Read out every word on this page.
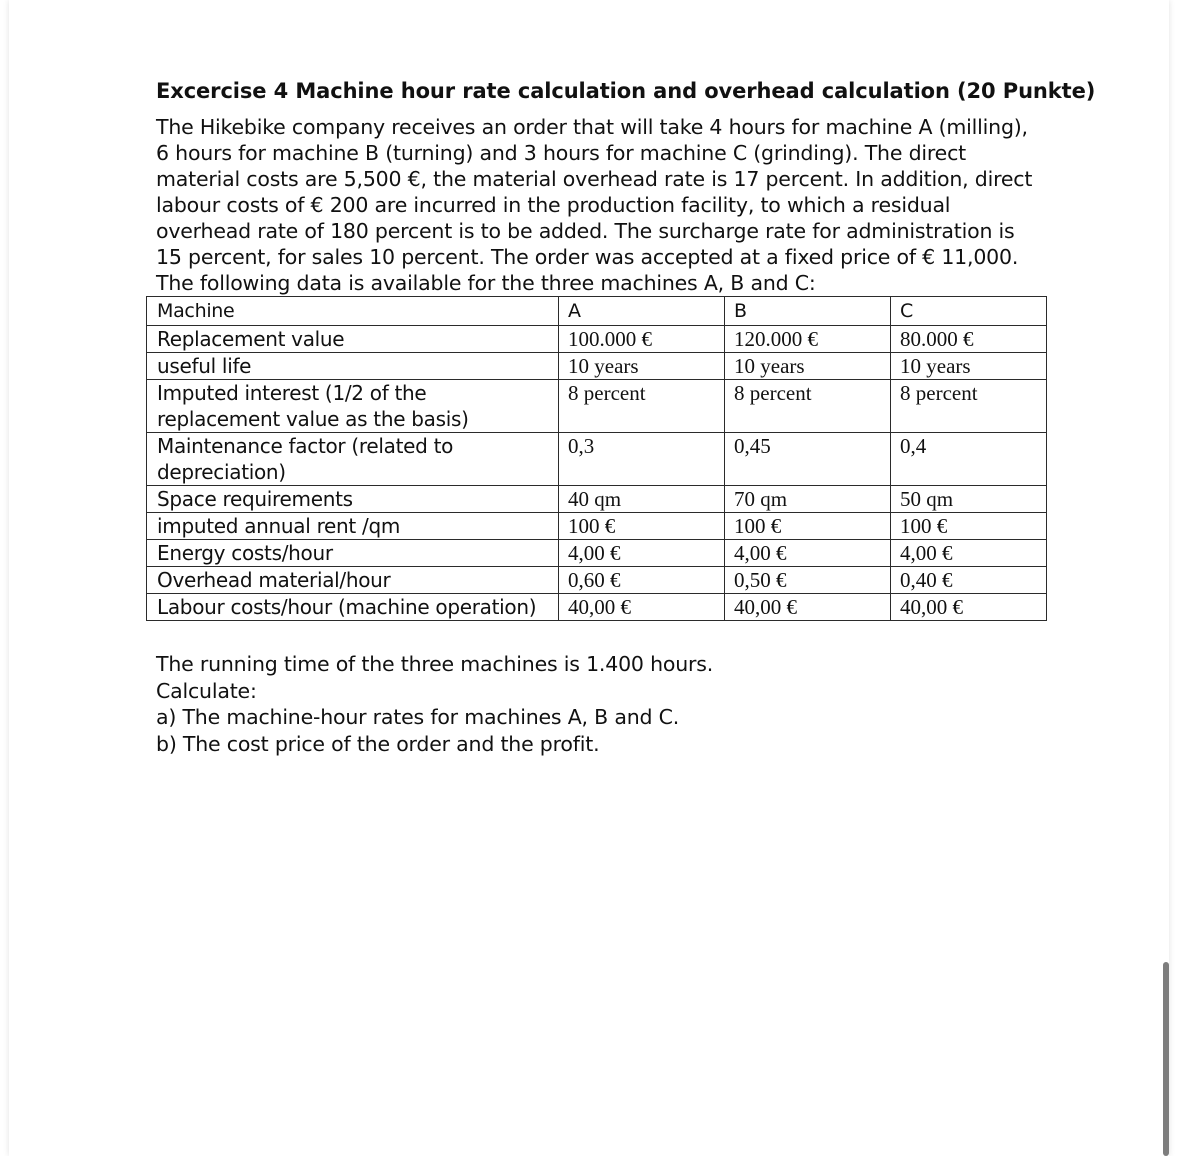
Excercise 4 Machine hour rate calculation and overhead calculation (20 Punkte)
The Hikebike company receives an order that will take 4 hours for machine A (milling), 6 hours for machine B (turning) and 3 hours for machine C (grinding). The direct material costs are 5,500 €, the material overhead rate is 17 percent. In addition, direct labour costs of € 200 are incurred in the production facility, to which a residual overhead rate of 180 percent is to be added. The surcharge rate for administration is 15 percent, for sales 10 percent. The order was accepted at a fixed price of € 11,000. The following data is available for the three machines A, B and C:
Machine	A	B	C
Replacement value	100.000 €	120.000 €	80.000 €
useful life	10 years	10 years	10 years
Imputed interest (1/2 of the replacement value as the basis)	8 percent	8 percent	8 percent
Maintenance factor (related to depreciation)	0,3	0,45	0,4
Space requirements	40 qm	70 qm	50 qm
imputed annual rent /qm	100 €	100 €	100 €
Energy costs/hour	4,00 €	4,00 €	4,00 €
Overhead material/hour	0,60 €	0,50 €	0,40 €
Labour costs/hour (machine operation)	40,00 €	40,00 €	40,00 €
The running time of the three machines is 1.400 hours.
Calculate:
a) The machine-hour rates for machines A, B and C.
b) The cost price of the order and the profit.
